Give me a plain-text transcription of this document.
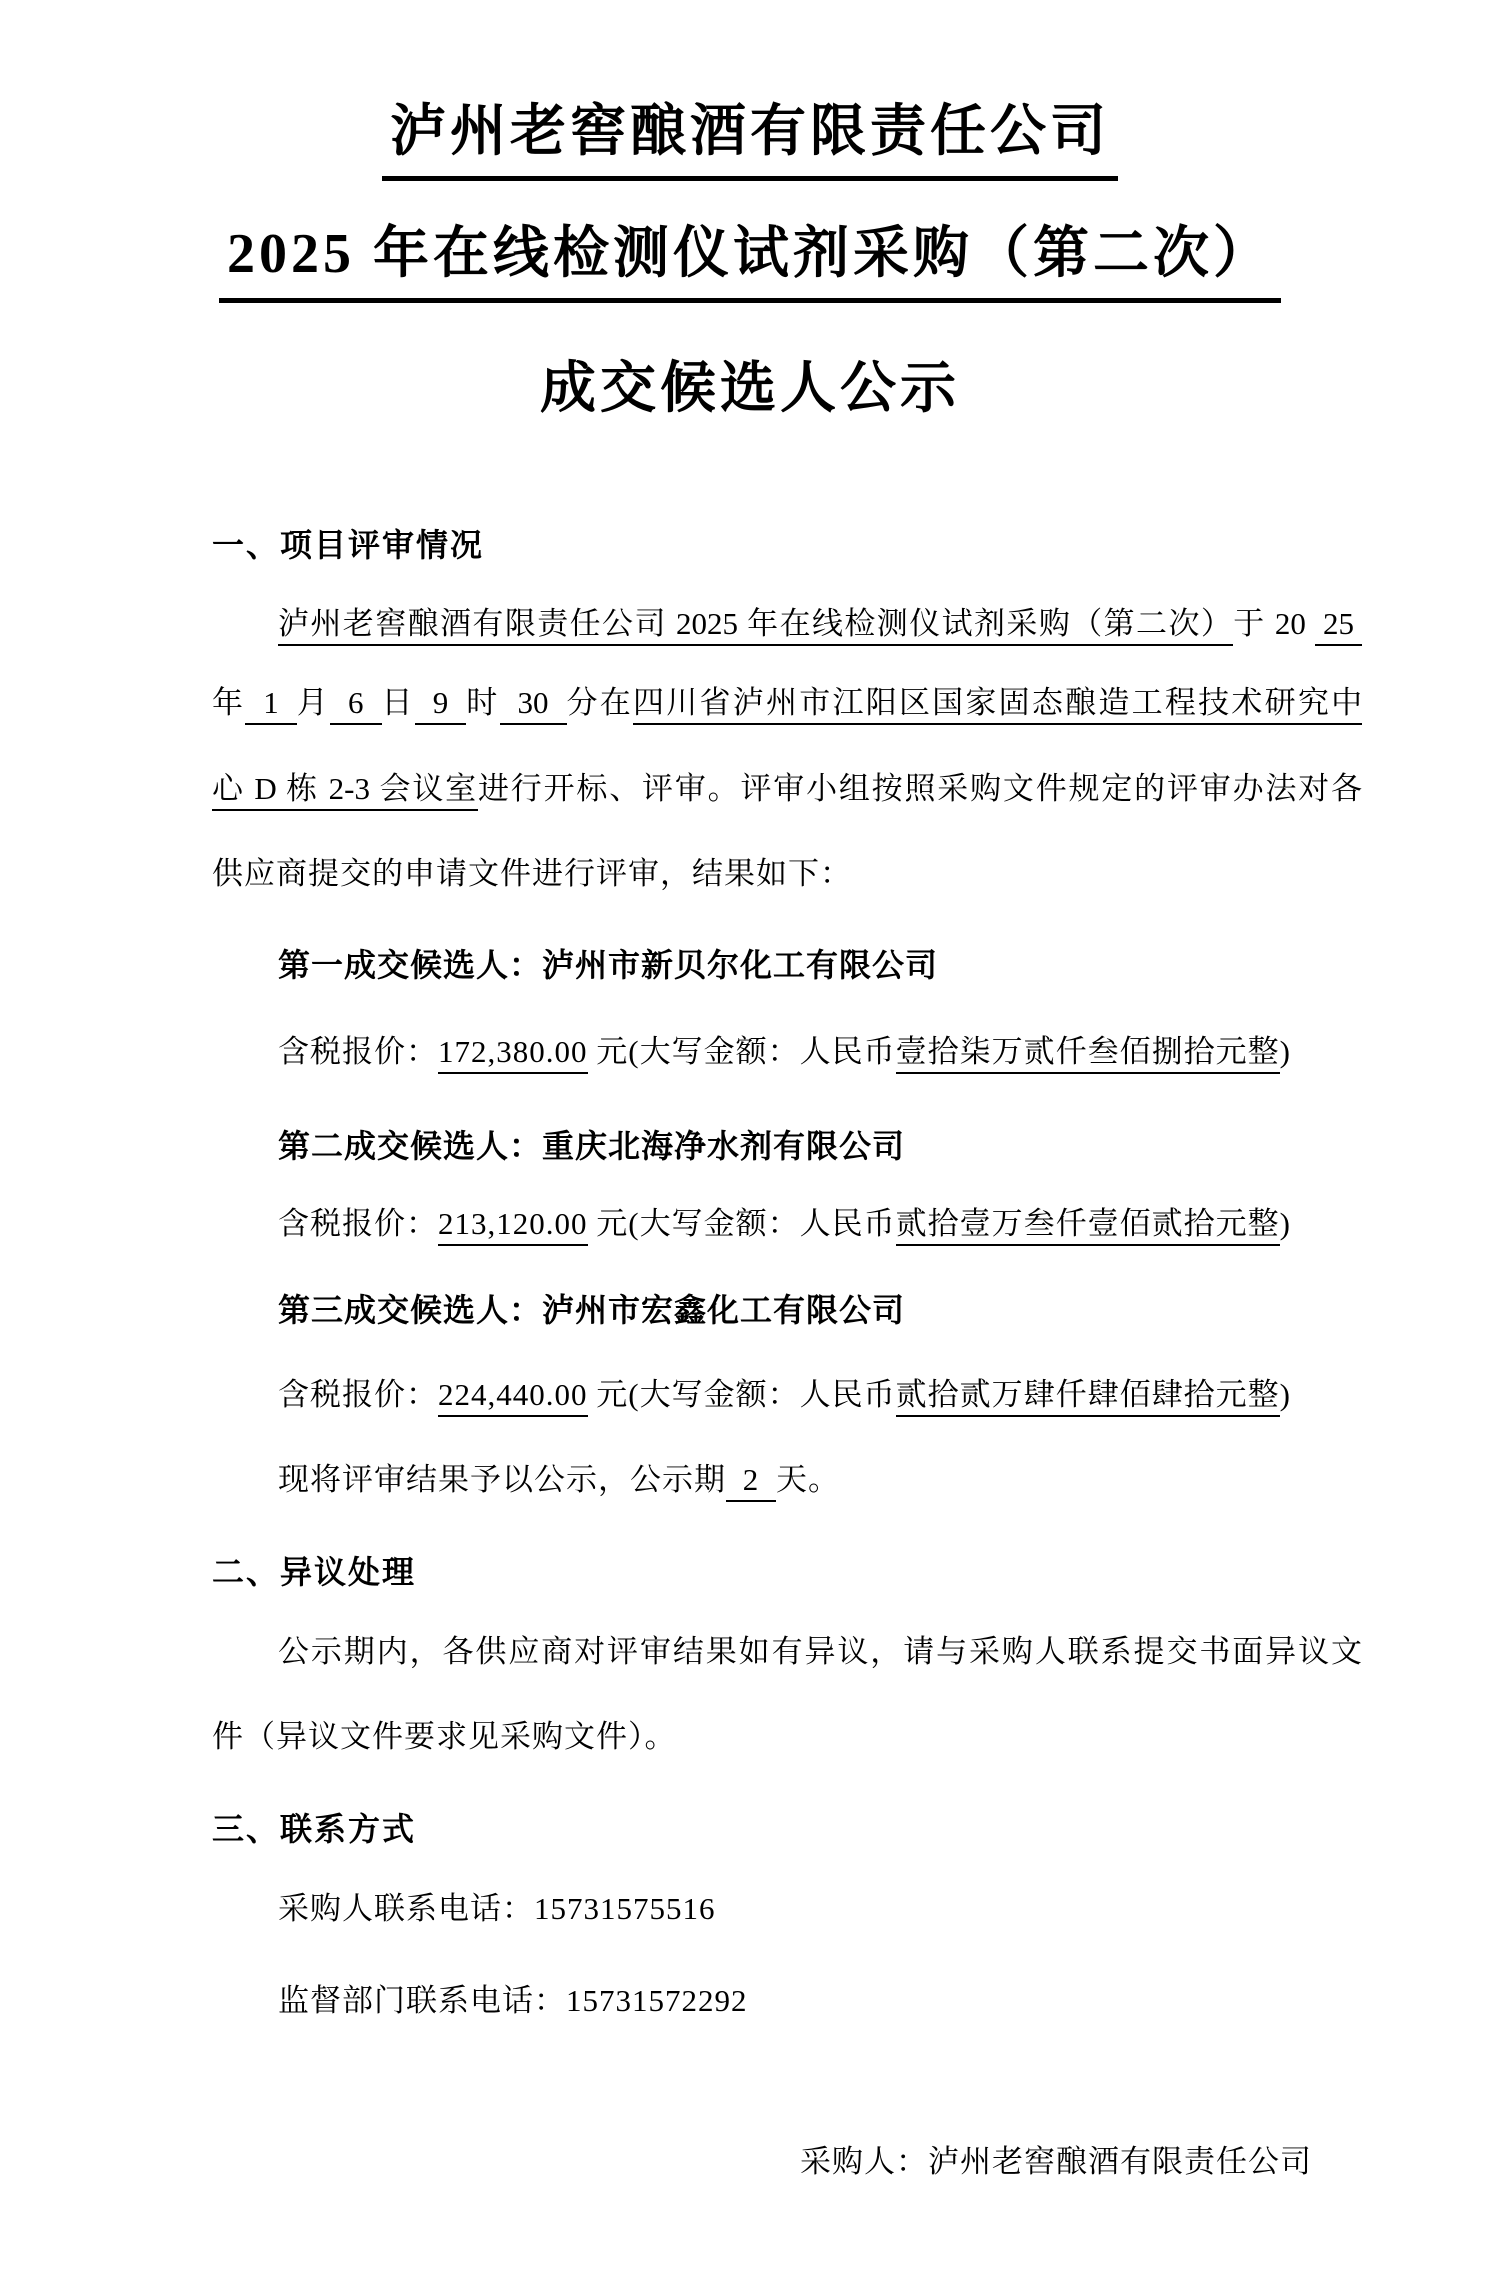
泸州老窖酿酒有限责任公司
2025 年在线检测仪试剂采购（第二次）
成交候选人公示
一、项目评审情况
泸州老窖酿酒有限责任公司 2025 年在线检测仪试剂采购（第二次）于 20 25
年 1 月 6 日 9 时 30 分在四川省泸州市江阳区国家固态酿造工程技术研究中
心 D 栋 2-3 会议室进行开标、评审。评审小组按照采购文件规定的评审办法对各
供应商提交的申请文件进行评审，结果如下：
第一成交候选人：泸州市新贝尔化工有限公司
含税报价：172,380.00 元(大写金额：人民币壹拾柒万贰仟叁佰捌拾元整)
第二成交候选人：重庆北海净水剂有限公司
含税报价：213,120.00 元(大写金额：人民币贰拾壹万叁仟壹佰贰拾元整)
第三成交候选人：泸州市宏鑫化工有限公司
含税报价：224,440.00 元(大写金额：人民币贰拾贰万肆仟肆佰肆拾元整)
现将评审结果予以公示，公示期 2 天。
二、异议处理
公示期内，各供应商对评审结果如有异议，请与采购人联系提交书面异议文
件（异议文件要求见采购文件）。
三、联系方式
采购人联系电话：15731575516
监督部门联系电话：15731572292
采购人：泸州老窖酿酒有限责任公司
